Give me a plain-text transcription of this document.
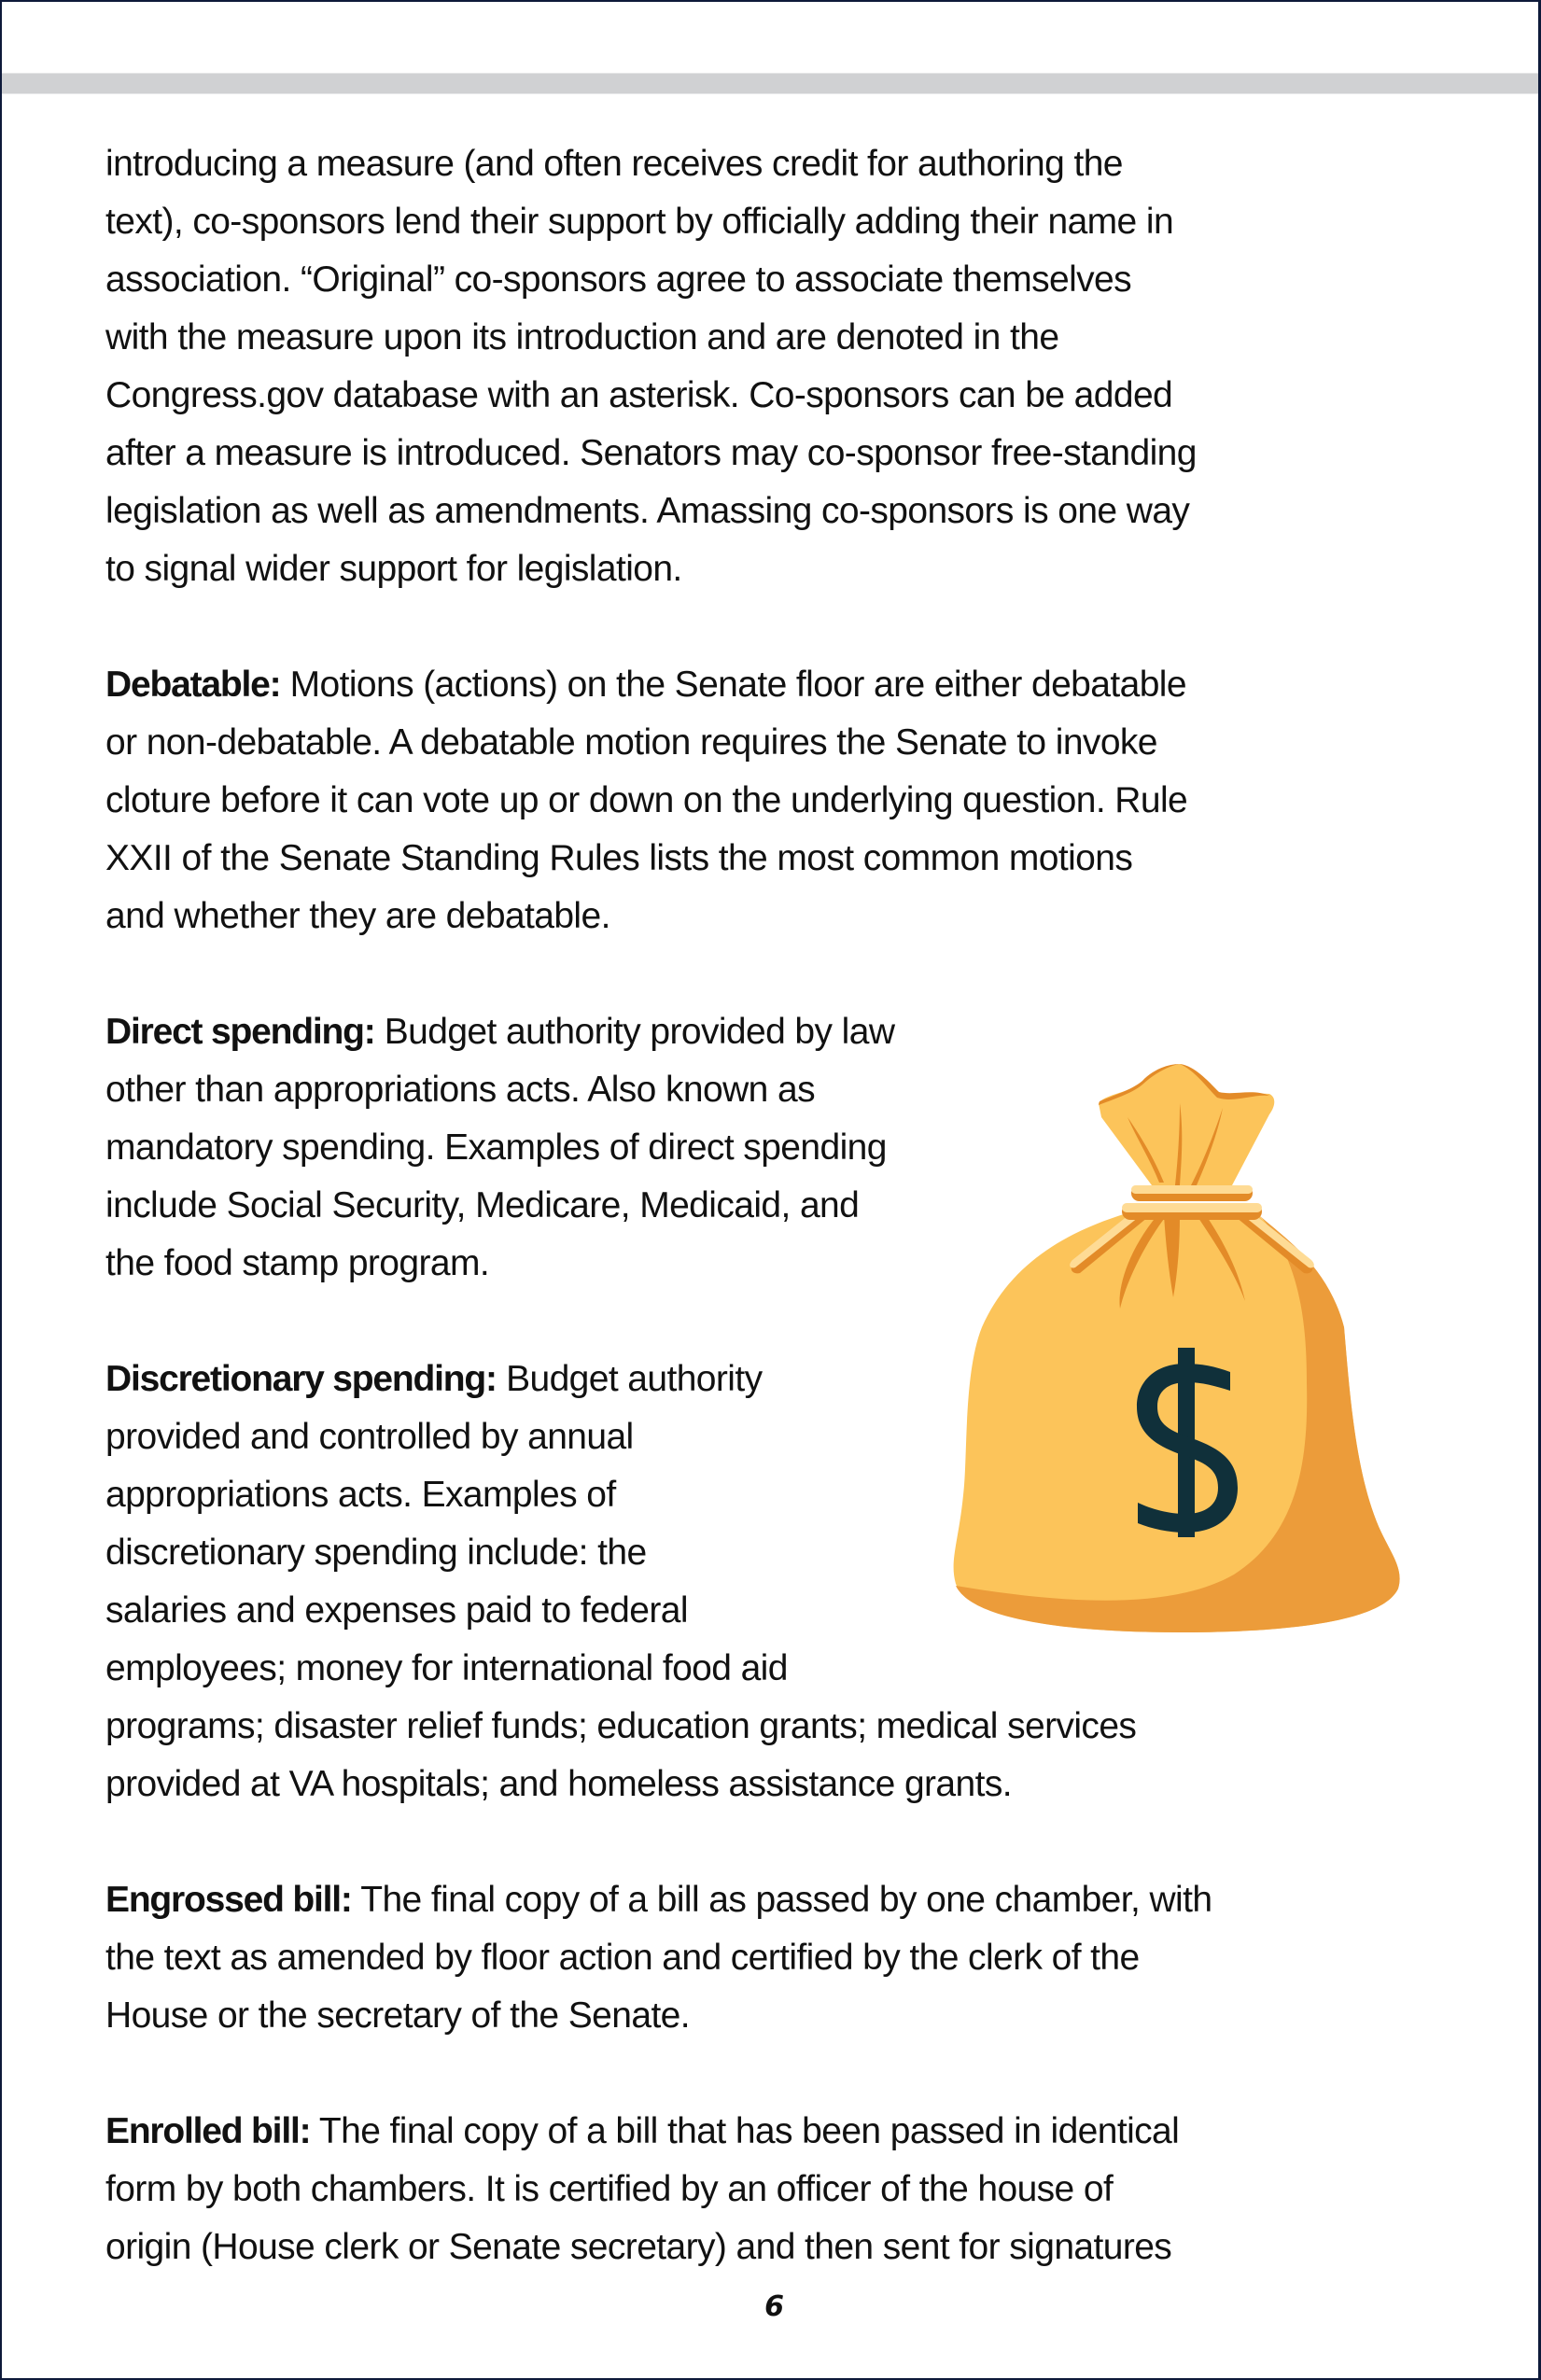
introducing a measure (and often receives credit for authoring the
text), co-sponsors lend their support by officially adding their name in
association. “Original” co-sponsors agree to associate themselves
with the measure upon its introduction and are denoted in the
Congress.gov database with an asterisk. Co-sponsors can be added
after a measure is introduced. Senators may co-sponsor free-standing
legislation as well as amendments. Amassing co-sponsors is one way
to signal wider support for legislation.
Debatable: Motions (actions) on the Senate floor are either debatable
or non-debatable. A debatable motion requires the Senate to invoke
cloture before it can vote up or down on the underlying question. Rule
XXII of the Senate Standing Rules lists the most common motions
and whether they are debatable.
Direct spending: Budget authority provided by law
other than appropriations acts. Also known as
mandatory spending. Examples of direct spending
include Social Security, Medicare, Medicaid, and
the food stamp program.
Discretionary spending: Budget authority
provided and controlled by annual
appropriations acts. Examples of
discretionary spending include: the
salaries and expenses paid to federal
employees; money for international food aid
programs; disaster relief funds; education grants; medical services
provided at VA hospitals; and homeless assistance grants.
Engrossed bill: The final copy of a bill as passed by one chamber, with
the text as amended by floor action and certified by the clerk of the
House or the secretary of the Senate.
Enrolled bill: The final copy of a bill that has been passed in identical
form by both chambers. It is certified by an officer of the house of
origin (House clerk or Senate secretary) and then sent for signatures
6
